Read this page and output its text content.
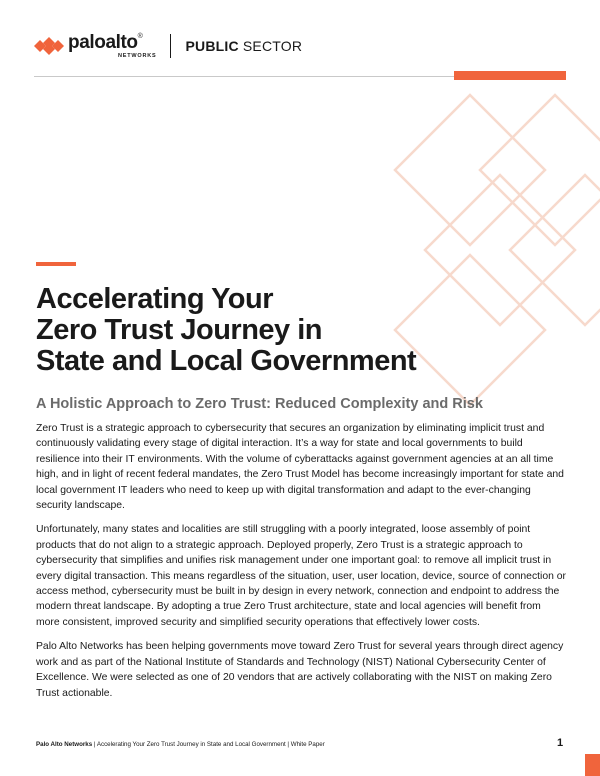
paloalto®
NETWORKS
PUBLIC SECTOR
Accelerating Your
Zero Trust Journey in
State and Local Government
A Holistic Approach to Zero Trust: Reduced Complexity and Risk

Zero Trust is a strategic approach to cybersecurity that secures an organization by eliminating implicit trust and continuously validating every stage of digital interaction. It’s a way for state and local governments to build resilience into their IT environments. With the volume of cyberattacks against government agencies at an all time high, and in light of recent federal mandates, the Zero Trust Model has become increasingly important for state and local government IT leaders who need to keep up with digital transformation and adapt to the ever-changing security landscape.

Unfortunately, many states and localities are still struggling with a poorly integrated, loose assembly of point products that do not align to a strategic approach. Deployed properly, Zero Trust is a strategic approach to cybersecurity that simplifies and unifies risk management under one important goal: to remove all implicit trust in every digital transaction. This means regardless of the situation, user, user location, device, source of connection or access method, cybersecurity must be built in by design in every network, connection and endpoint to address the modern threat landscape. By adopting a true Zero Trust architecture, state and local agencies will benefit from more consistent, improved security and simplified security operations that effectively lower costs.

Palo Alto Networks has been helping governments move toward Zero Trust for several years through direct agency work and as part of the National Institute of Standards and Technology (NIST) National Cybersecurity Center of Excellence. We were selected as one of 20 vendors that are actively collaborating with the NIST on making Zero Trust actionable.

Palo Alto Networks | Accelerating Your Zero Trust Journey in State and Local Government | White Paper	1
